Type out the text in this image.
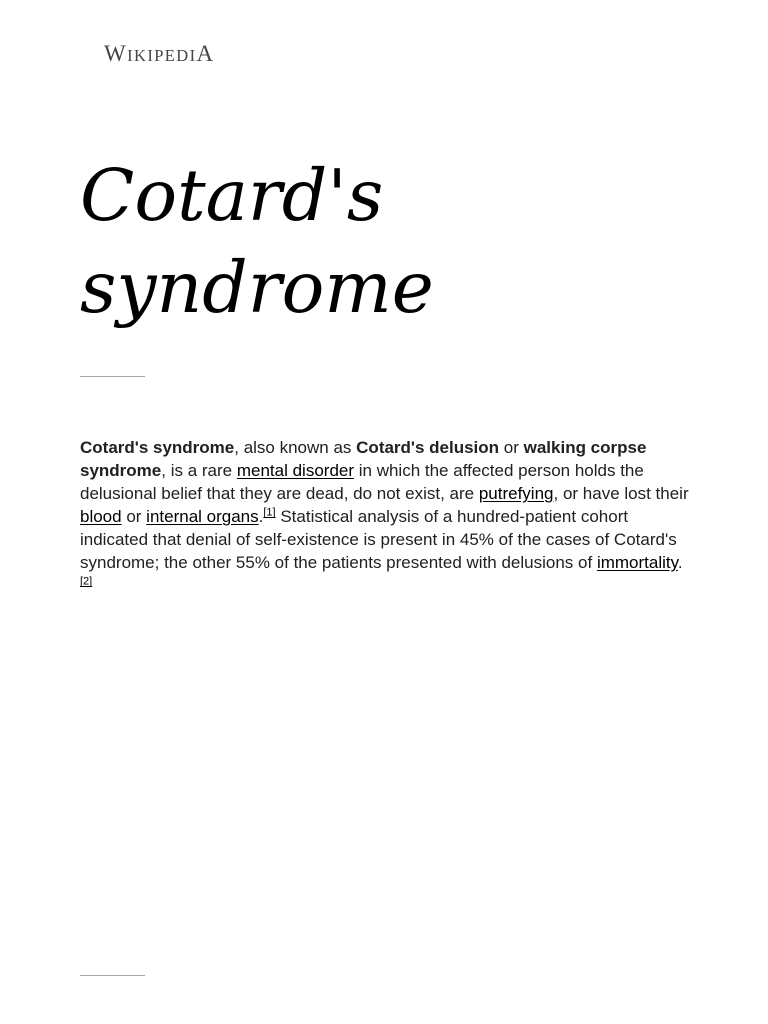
WIKIPEDIA
Cotard's
syndrome

Cotard's syndrome, also known as Cotard's delusion or walking corpse syndrome, is a rare mental disorder in which the affected person holds the delusional belief that they are dead, do not exist, are putrefying, or have lost their blood or internal organs.[1] Statistical analysis of a hundred-patient cohort indicated that denial of self-existence is present in 45% of the cases of Cotard's syndrome; the other 55% of the patients presented with delusions of immortality.[2]
